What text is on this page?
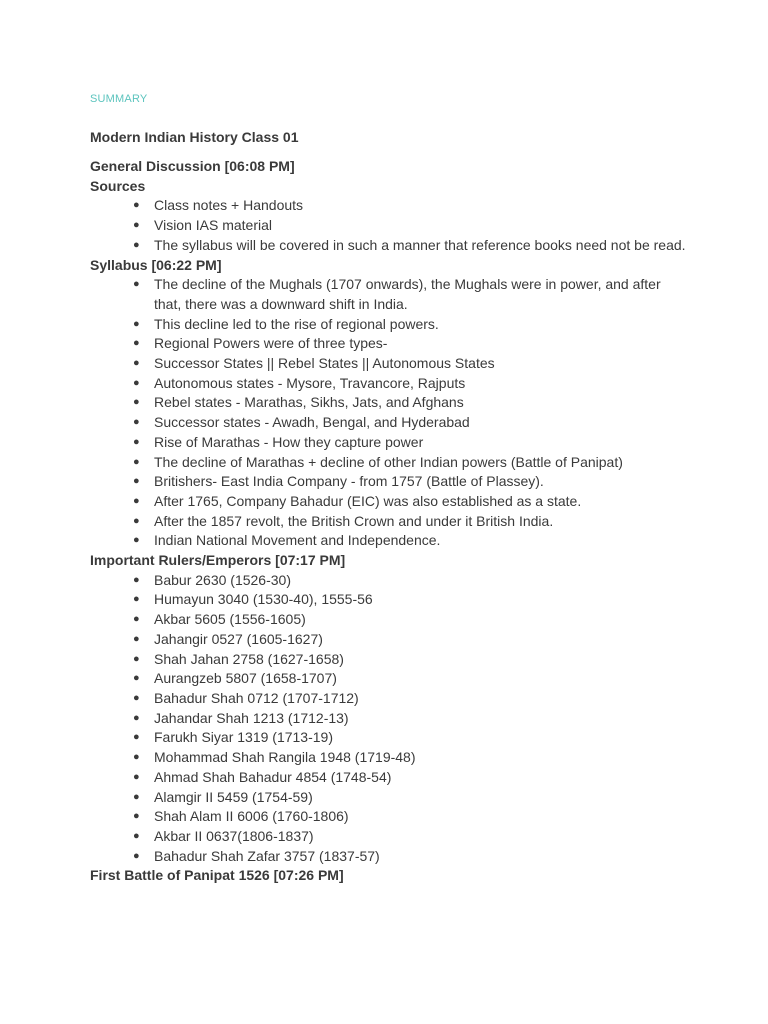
SUMMARY

Modern Indian History Class 01
General Discussion [06:08 PM]
Sources
● Class notes + Handouts
● Vision IAS material
● The syllabus will be covered in such a manner that reference books need not be read.
Syllabus [06:22 PM]
● The decline of the Mughals (1707 onwards), the Mughals were in power, and after that, there was a downward shift in India.
● This decline led to the rise of regional powers.
● Regional Powers were of three types-
● Successor States || Rebel States || Autonomous States
● Autonomous states - Mysore, Travancore, Rajputs
● Rebel states - Marathas, Sikhs, Jats, and Afghans
● Successor states - Awadh, Bengal, and Hyderabad
● Rise of Marathas - How they capture power
● The decline of Marathas + decline of other Indian powers (Battle of Panipat)
● Britishers- East India Company - from 1757 (Battle of Plassey).
● After 1765, Company Bahadur (EIC) was also established as a state.
● After the 1857 revolt, the British Crown and under it British India.
● Indian National Movement and Independence.
Important Rulers/Emperors [07:17 PM]
● Babur 2630 (1526-30)
● Humayun 3040 (1530-40), 1555-56
● Akbar 5605 (1556-1605)
● Jahangir 0527 (1605-1627)
● Shah Jahan 2758 (1627-1658)
● Aurangzeb 5807 (1658-1707)
● Bahadur Shah 0712 (1707-1712)
● Jahandar Shah 1213 (1712-13)
● Farukh Siyar 1319 (1713-19)
● Mohammad Shah Rangila 1948 (1719-48)
● Ahmad Shah Bahadur 4854 (1748-54)
● Alamgir II 5459 (1754-59)
● Shah Alam II 6006 (1760-1806)
● Akbar II 0637(1806-1837)
● Bahadur Shah Zafar 3757 (1837-57)
First Battle of Panipat 1526 [07:26 PM]
